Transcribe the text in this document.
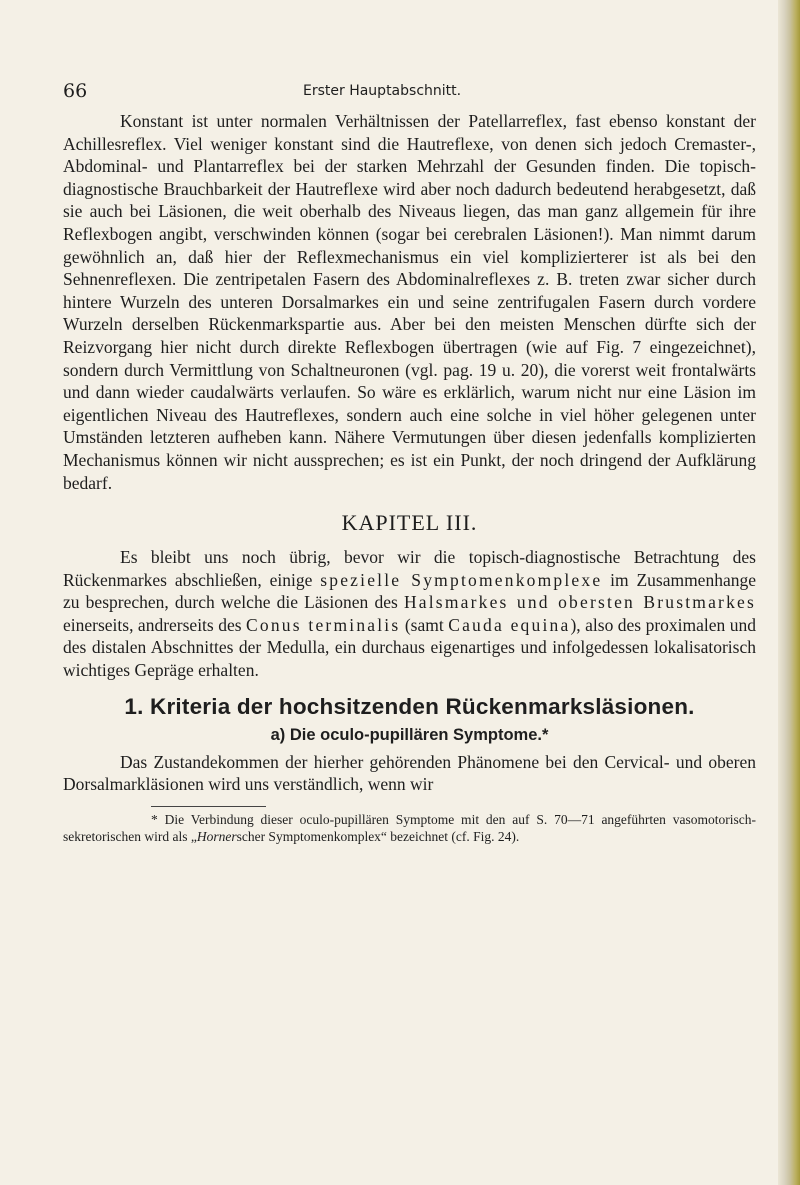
66	Erster Hauptabschnitt.

Konstant ist unter normalen Verhältnissen der Patellarreflex, fast ebenso konstant der Achillesreflex. Viel weniger konstant sind die Hautreflexe, von denen sich jedoch Cremaster-, Abdominal- und Plantarreflex bei der starken Mehrzahl der Gesunden finden. Die topisch-diagnostische Brauchbarkeit der Hautreflexe wird aber noch dadurch bedeutend herabgesetzt, daß sie auch bei Läsionen, die weit oberhalb des Niveaus liegen, das man ganz allgemein für ihre Reflexbogen angibt, verschwinden können (sogar bei cerebralen Läsionen!). Man nimmt darum gewöhnlich an, daß hier der Reflexmechanismus ein viel komplizierterer ist als bei den Sehnenreflexen. Die zentripetalen Fasern des Abdominalreflexes z. B. treten zwar sicher durch hintere Wurzeln des unteren Dorsalmarkes ein und seine zentrifugalen Fasern durch vordere Wurzeln derselben Rückenmarkspartie aus. Aber bei den meisten Menschen dürfte sich der Reizvorgang hier nicht durch direkte Reflexbogen übertragen (wie auf Fig. 7 eingezeichnet), sondern durch Vermittlung von Schaltneuronen (vgl. pag. 19 u. 20), die vorerst weit frontalwärts und dann wieder caudalwärts verlaufen. So wäre es erklärlich, warum nicht nur eine Läsion im eigentlichen Niveau des Hautreflexes, sondern auch eine solche in viel höher gelegenen unter Umständen letzteren aufheben kann. Nähere Vermutungen über diesen jedenfalls komplizierten Mechanismus können wir nicht aussprechen; es ist ein Punkt, der noch dringend der Aufklärung bedarf.

KAPITEL III.

Es bleibt uns noch übrig, bevor wir die topisch-diagnostische Betrachtung des Rückenmarkes abschließen, einige spezielle Symptomenkomplexe im Zusammenhange zu besprechen, durch welche die Läsionen des Halsmarkes und obersten Brustmarkes einerseits, andrerseits des Conus terminalis (samt Cauda equina), also des proximalen und des distalen Abschnittes der Medulla, ein durchaus eigenartiges und infolgedessen lokalisatorisch wichtiges Gepräge erhalten.

1. Kriteria der hochsitzenden Rückenmarksläsionen.
a) Die oculo-pupillären Symptome.*

Das Zustandekommen der hierher gehörenden Phänomene bei den Cervical- und oberen Dorsalmarkläsionen wird uns verständlich, wenn wir

* Die Verbindung dieser oculo-pupillären Symptome mit den auf S. 70—71 angeführten vasomotorisch-sekretorischen wird als „Hornerscher Symptomenkomplex“ bezeichnet (cf. Fig. 24).
